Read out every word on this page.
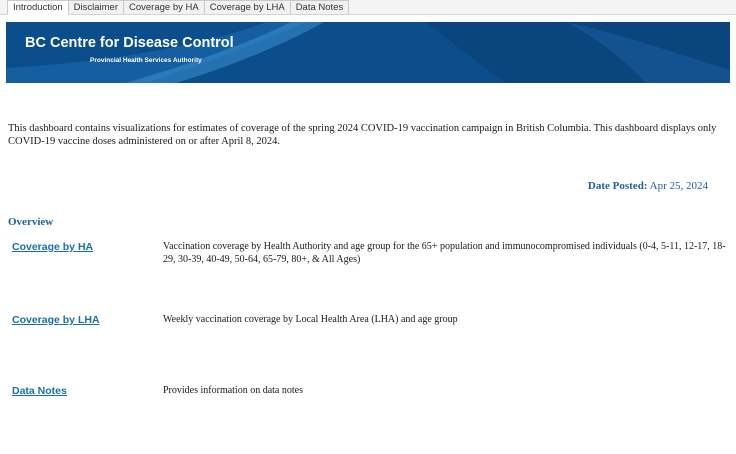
Introduction	Disclaimer	Coverage by HA	Coverage by LHA	Data Notes
BC Centre for Disease Control
Provincial Health Services Authority
This dashboard contains visualizations for estimates of coverage of the spring 2024 COVID-19 vaccination campaign in British Columbia. This dashboard displays only COVID-19 vaccine doses administered on or after April 8, 2024.
Date Posted: Apr 25, 2024
Overview
Coverage by HA	Vaccination coverage by Health Authority and age group for the 65+ population and immunocompromised individuals (0-4, 5-11, 12-17, 18-29, 30-39, 40-49, 50-64, 65-79, 80+, & All Ages)
Coverage by LHA	Weekly vaccination coverage by Local Health Area (LHA) and age group
Data Notes	Provides information on data notes
